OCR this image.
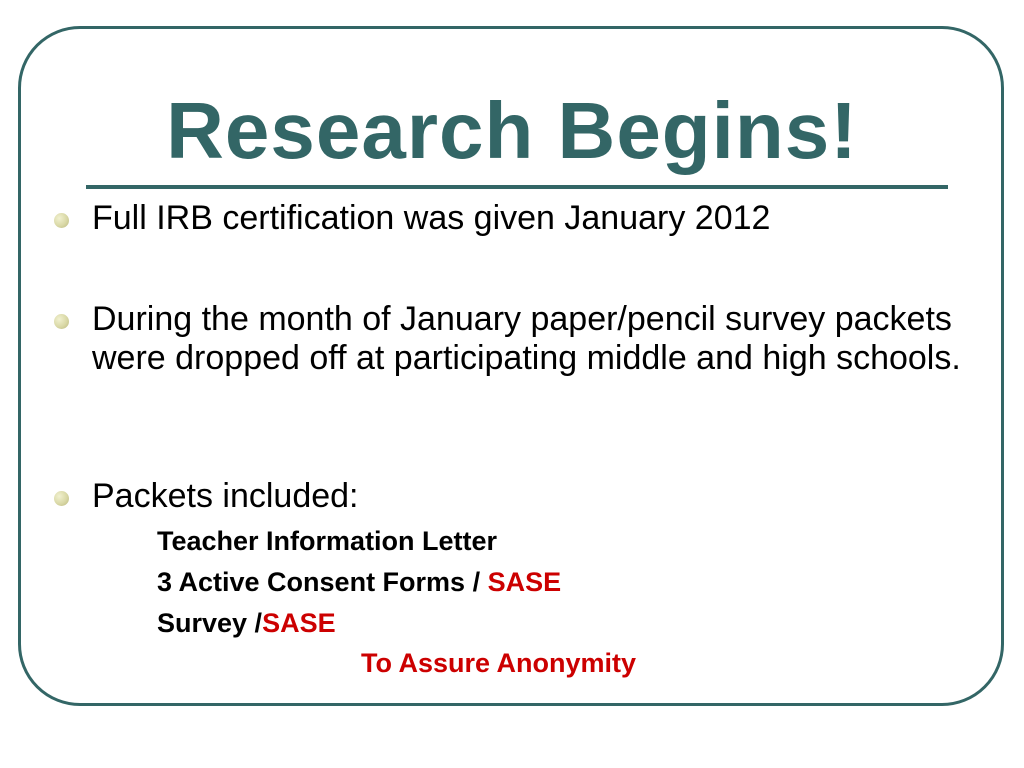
Research Begins!
Full IRB certification was given January 2012
During the month of January paper/pencil survey packets were dropped off at participating middle and high schools.
Packets included:
Teacher Information Letter
3 Active Consent Forms / SASE
Survey /SASE
To Assure Anonymity
